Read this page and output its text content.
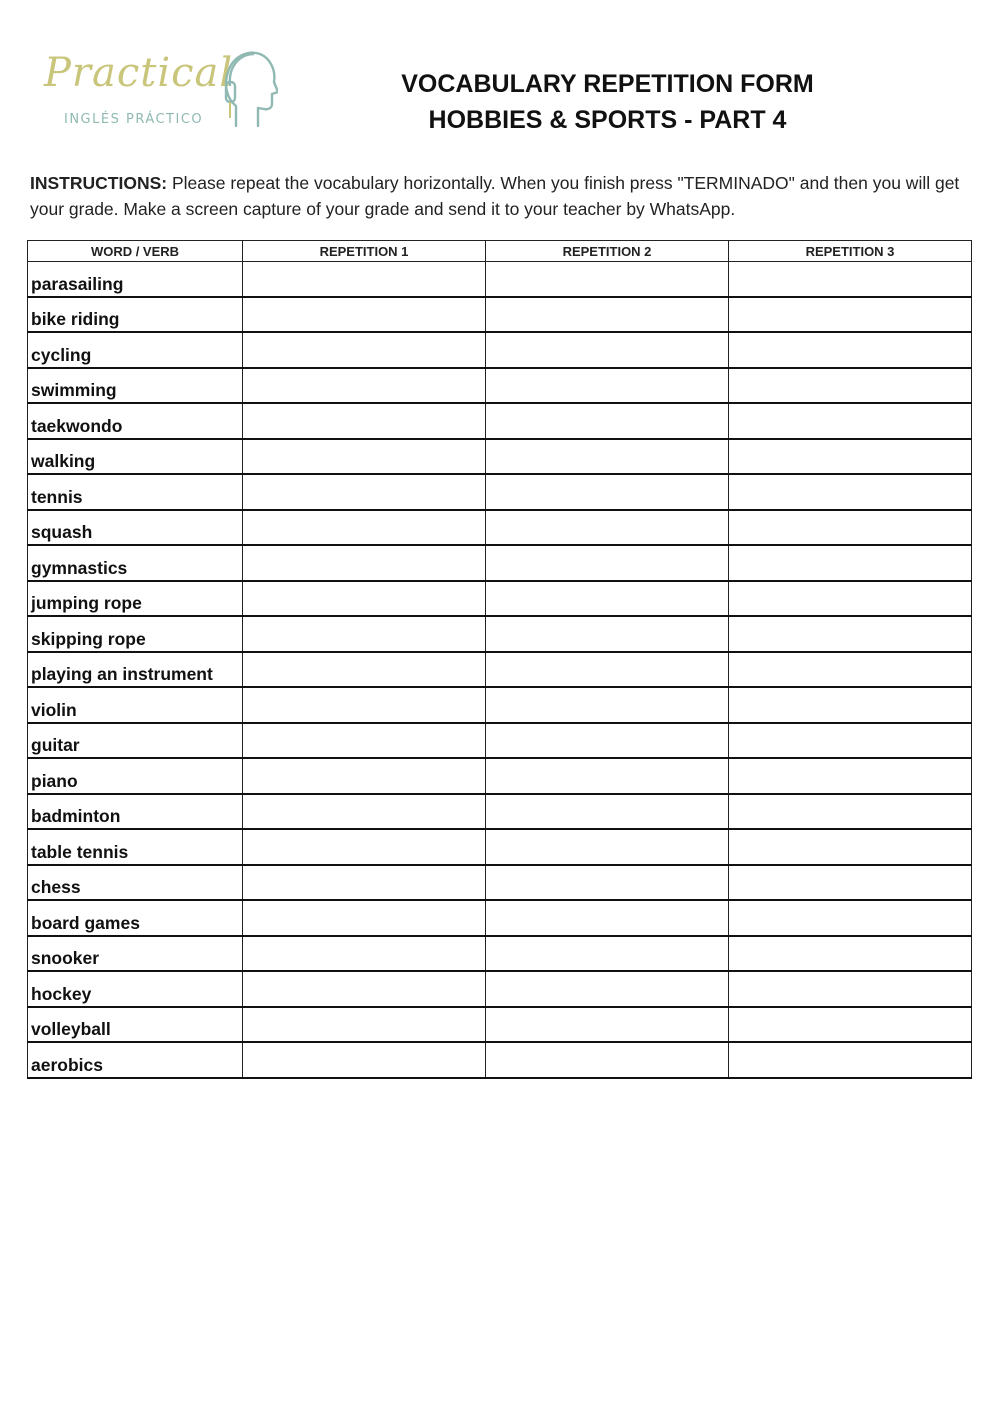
Practical
INGLÉS PRÁCTICO
VOCABULARY REPETITION FORM
HOBBIES & SPORTS - PART 4
INSTRUCTIONS: Please repeat the vocabulary horizontally. When you finish press "TERMINADO" and then you will get your grade. Make a screen capture of your grade and send it to your teacher by WhatsApp.
WORD / VERB	REPETITION 1	REPETITION 2	REPETITION 3
parasailing			
bike riding			
cycling			
swimming			
taekwondo			
walking			
tennis			
squash			
gymnastics			
jumping rope			
skipping rope			
playing an instrument			
violin			
guitar			
piano			
badminton			
table tennis			
chess			
board games			
snooker			
hockey			
volleyball			
aerobics			
